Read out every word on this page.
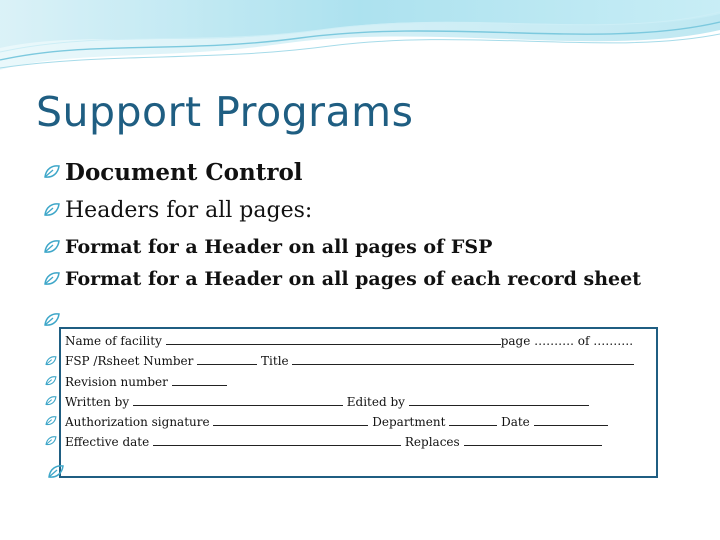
Support Programs
Document Control
Headers for all pages:
Format for a Header on all pages of FSP
Format for a Header on all pages of each record sheet
Name of facility	page ………. of ……….
FSP /Rsheet Number	Title
Revision number
Written by	Edited by
Authorization signature	Department	Date
Effective date	Replaces
